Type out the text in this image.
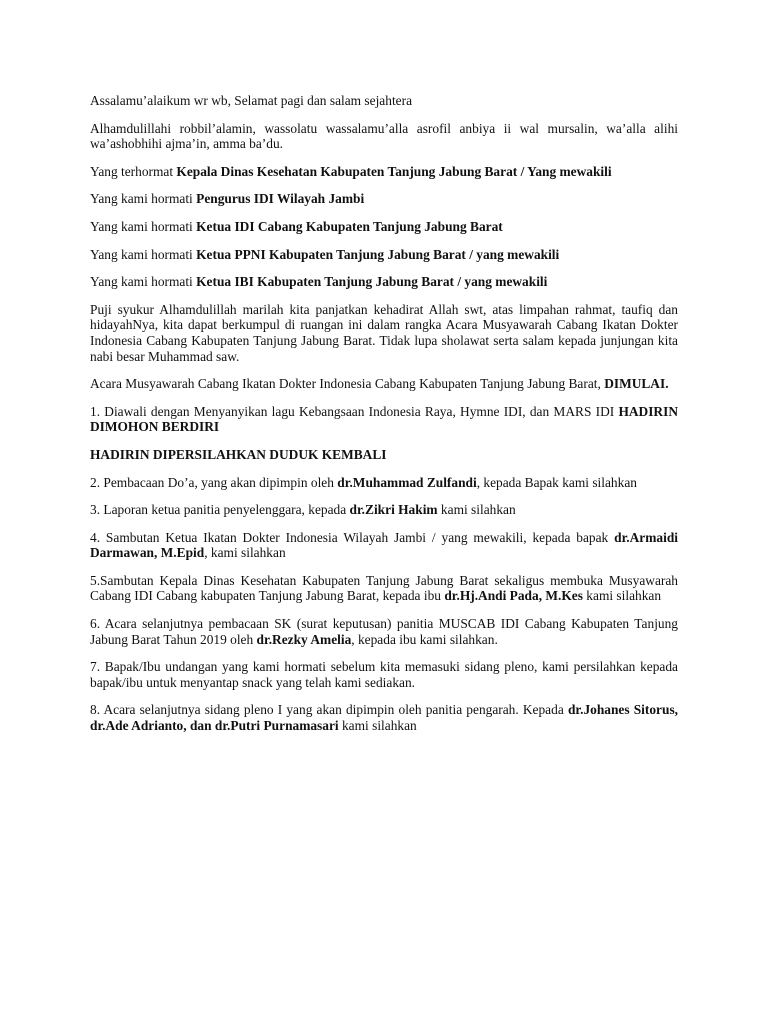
Assalamu’alaikum wr wb, Selamat pagi dan salam sejahtera

Alhamdulillahi robbil’alamin, wassolatu wassalamu’alla asrofil anbiya ii wal mursalin, wa’alla alihi wa’ashobhihi ajma’in, amma ba’du.

Yang terhormat Kepala Dinas Kesehatan Kabupaten Tanjung Jabung Barat / Yang mewakili

Yang kami hormati Pengurus IDI Wilayah Jambi

Yang kami hormati Ketua IDI Cabang Kabupaten Tanjung Jabung Barat

Yang kami hormati Ketua PPNI Kabupaten Tanjung Jabung Barat / yang mewakili

Yang kami hormati Ketua IBI Kabupaten Tanjung Jabung Barat / yang mewakili

Puji syukur Alhamdulillah marilah kita panjatkan kehadirat Allah swt, atas limpahan rahmat, taufiq dan hidayahNya, kita dapat berkumpul di ruangan ini dalam rangka Acara Musyawarah Cabang Ikatan Dokter Indonesia Cabang Kabupaten Tanjung Jabung Barat. Tidak lupa sholawat serta salam kepada junjungan kita nabi besar Muhammad saw.

Acara Musyawarah Cabang Ikatan Dokter Indonesia Cabang Kabupaten Tanjung Jabung Barat, DIMULAI.

1. Diawali dengan Menyanyikan lagu Kebangsaan Indonesia Raya, Hymne IDI, dan MARS IDI HADIRIN DIMOHON BERDIRI

HADIRIN DIPERSILAHKAN DUDUK KEMBALI

2. Pembacaan Do’a, yang akan dipimpin oleh dr.Muhammad Zulfandi, kepada Bapak kami silahkan

3. Laporan ketua panitia penyelenggara, kepada dr.Zikri Hakim kami silahkan

4. Sambutan Ketua Ikatan Dokter Indonesia Wilayah Jambi / yang mewakili, kepada bapak dr.Armaidi Darmawan, M.Epid, kami silahkan

5.Sambutan Kepala Dinas Kesehatan Kabupaten Tanjung Jabung Barat sekaligus membuka Musyawarah Cabang IDI Cabang kabupaten Tanjung Jabung Barat, kepada ibu dr.Hj.Andi Pada, M.Kes kami silahkan

6. Acara selanjutnya pembacaan SK (surat keputusan) panitia MUSCAB IDI Cabang Kabupaten Tanjung Jabung Barat Tahun 2019 oleh dr.Rezky Amelia, kepada ibu kami silahkan.

7. Bapak/Ibu undangan yang kami hormati sebelum kita memasuki sidang pleno, kami persilahkan kepada bapak/ibu untuk menyantap snack yang telah kami sediakan.

8. Acara selanjutnya sidang pleno I yang akan dipimpin oleh panitia pengarah. Kepada dr.Johanes Sitorus, dr.Ade Adrianto, dan dr.Putri Purnamasari kami silahkan
